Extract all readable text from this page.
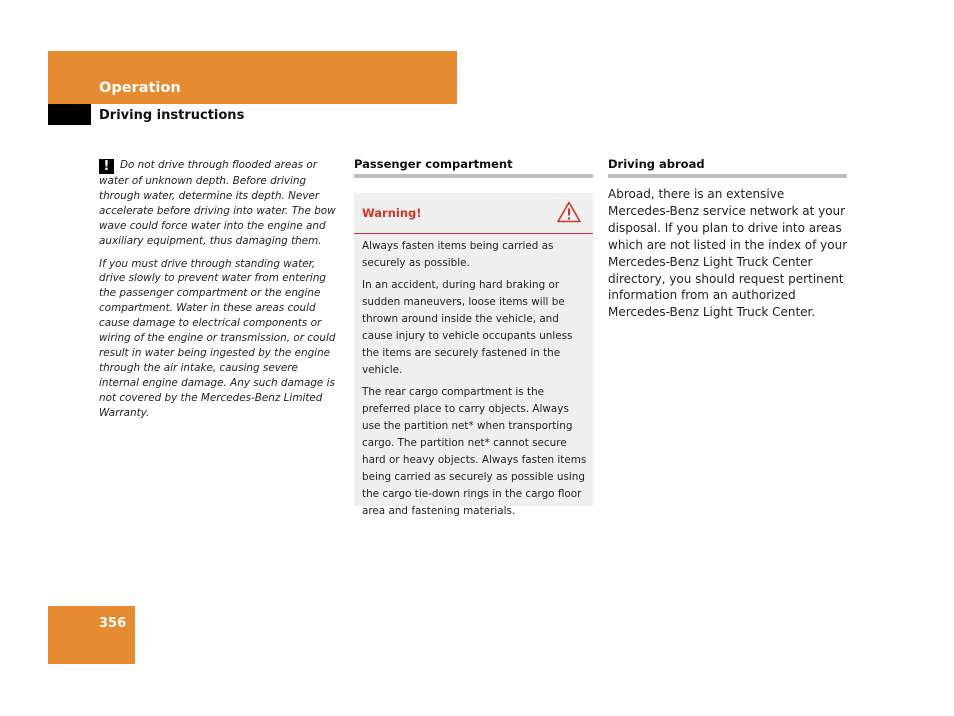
Operation
Driving instructions

! Do not drive through flooded areas or water of unknown depth. Before driving through water, determine its depth. Never accelerate before driving into water. The bow wave could force water into the engine and auxiliary equipment, thus damaging them.

If you must drive through standing water, drive slowly to prevent water from entering the passenger compartment or the engine compartment. Water in these areas could cause damage to electrical components or wiring of the engine or transmission, or could result in water being ingested by the engine through the air intake, causing severe internal engine damage. Any such damage is not covered by the Mercedes-Benz Limited Warranty.

Passenger compartment
Warning!

Always fasten items being carried as securely as possible.

In an accident, during hard braking or sudden maneuvers, loose items will be thrown around inside the vehicle, and cause injury to vehicle occupants unless the items are securely fastened in the vehicle.

The rear cargo compartment is the preferred place to carry objects. Always use the partition net* when transporting cargo. The partition net* cannot secure hard or heavy objects. Always fasten items being carried as securely as possible using the cargo tie-down rings in the cargo floor area and fastening materials.

Driving abroad

Abroad, there is an extensive Mercedes-Benz service network at your disposal. If you plan to drive into areas which are not listed in the index of your Mercedes-Benz Light Truck Center directory, you should request pertinent information from an authorized Mercedes-Benz Light Truck Center.

356
